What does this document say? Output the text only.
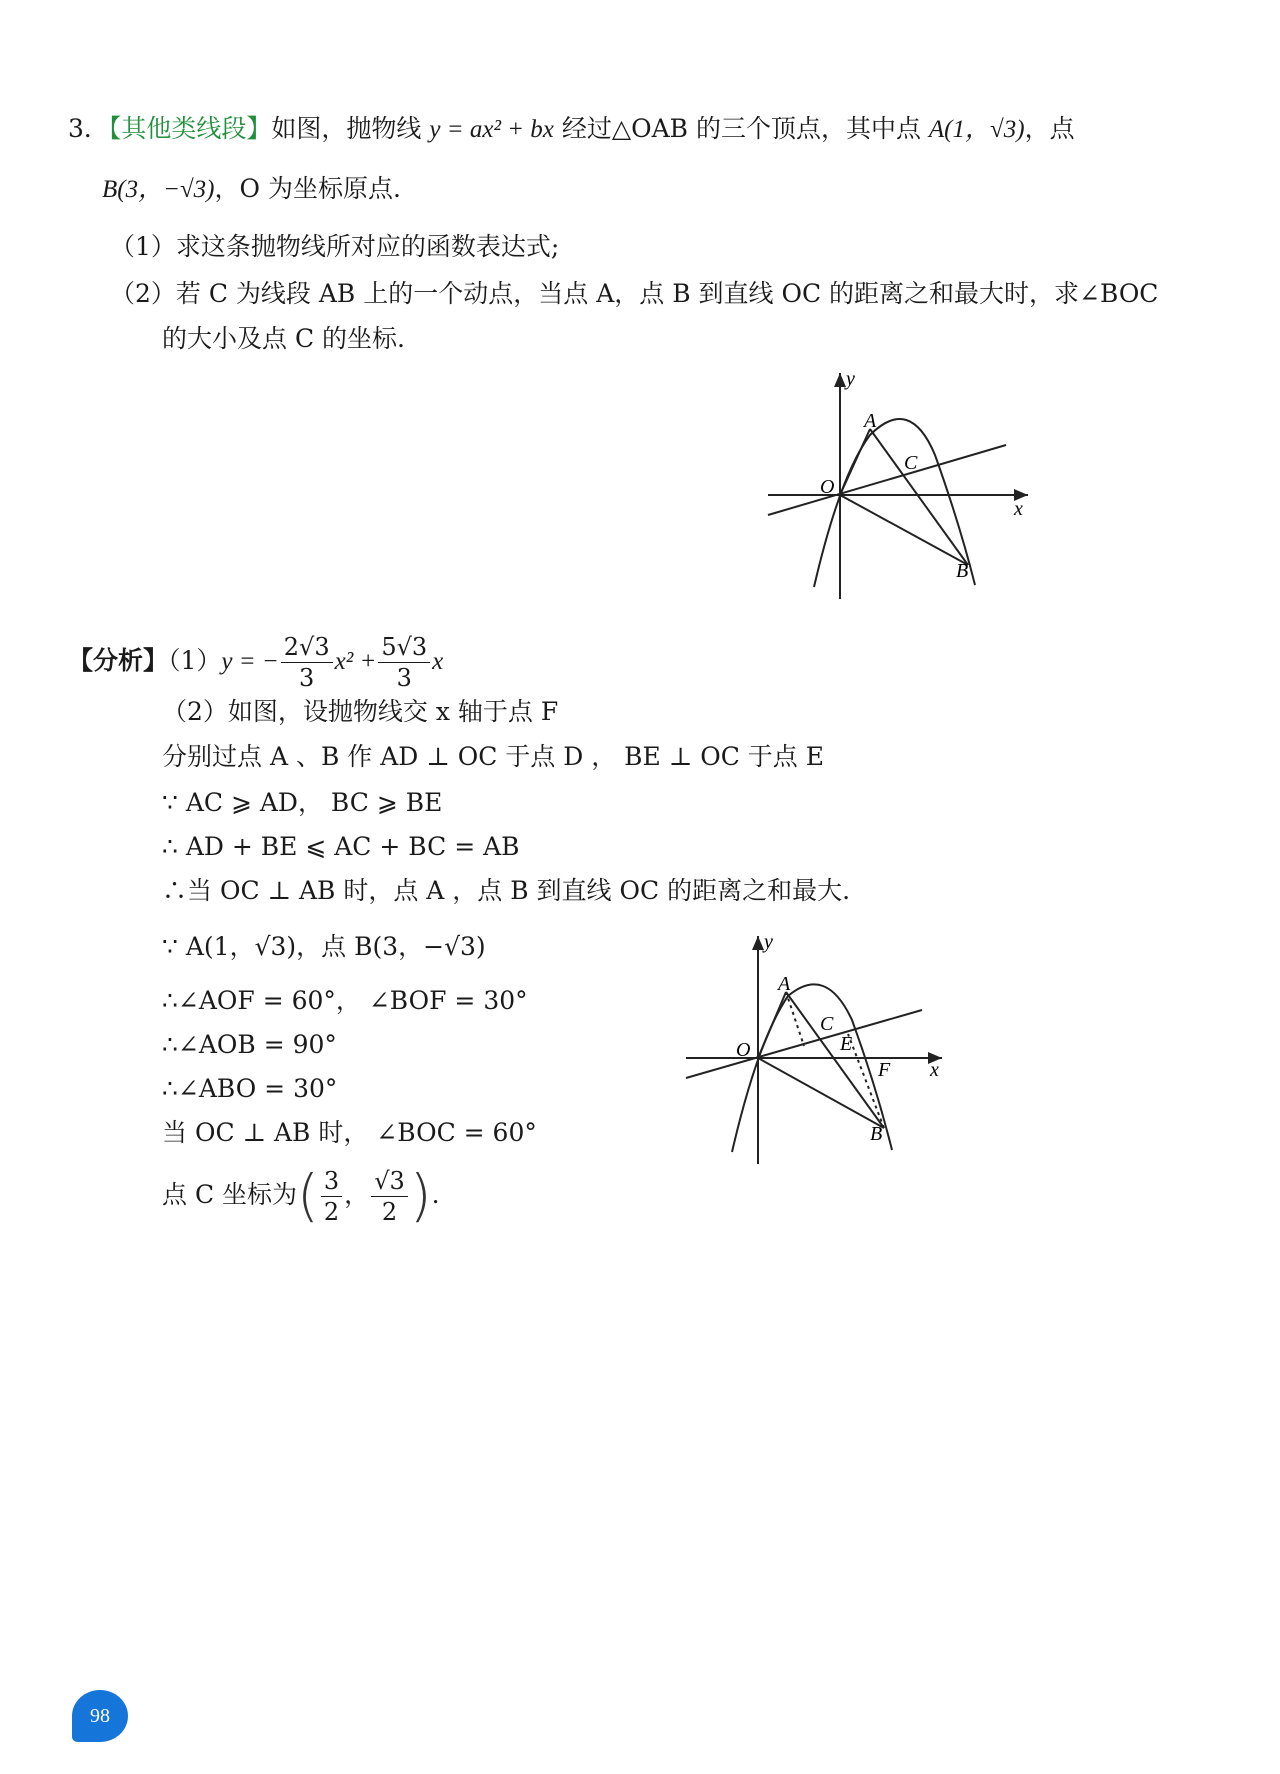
3．【其他类线段】如图，抛物线 y = ax² + bx 经过△OAB 的三个顶点，其中点 A(1，√3)，点
B(3，−√3)，O 为坐标原点.
（1）求这条抛物线所对应的函数表达式;
（2）若 C 为线段 AB 上的一个动点，当点 A，点 B 到直线 OC 的距离之和最大时，求∠BOC
的大小及点 C 的坐标.
y
x
O
A
C
B
【分析】（1）y = − $\frac{2√3}{3} x^2 + \frac{5√3}{3}$ x
（2）如图，设抛物线交 x 轴于点 F
分别过点 A 、B 作 AD ⊥ OC 于点 D ， BE ⊥ OC 于点 E
∵ AC ⩾ AD， BC ⩾ BE
∴ AD + BE ⩽ AC + BC = AB
∴当 OC ⊥ AB 时，点 A ，点 B 到直线 OC 的距离之和最大.
∵ A(1，√3)，点 B(3，−√3)
∴∠AOF = 60°， ∠BOF = 30°
∴∠AOB = 90°
∴∠ABO = 30°
当 OC ⊥ AB 时， ∠BOC = 60°
点 C 坐标为( $\frac{3}{2}$ ， $\frac{√3}{2}$ ).
y
x
O
A
C
E
F
B
98
